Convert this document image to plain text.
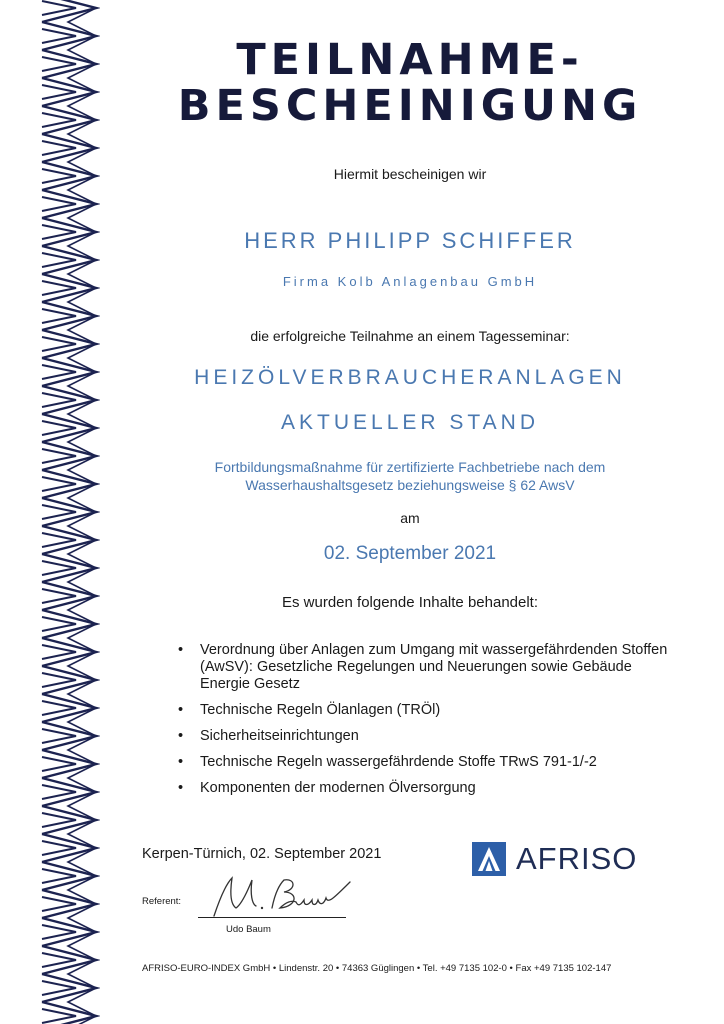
TEILNAHME-
BESCHEINIGUNG

Hiermit bescheinigen wir

HERR PHILIPP SCHIFFER

Firma Kolb Anlagenbau GmbH

die erfolgreiche Teilnahme an einem Tagesseminar:

HEIZÖLVERBRAUCHERANLAGEN

AKTUELLER STAND

Fortbildungsmaßnahme für zertifizierte Fachbetriebe nach dem
Wasserhaushaltsgesetz beziehungsweise § 62 AwsV

am

02. September 2021

Es wurden folgende Inhalte behandelt:

• Verordnung über Anlagen zum Umgang mit wassergefährdenden Stoffen (AwSV): Gesetzliche Regelungen und Neuerungen sowie Gebäude Energie Gesetz
• Technische Regeln Ölanlagen (TRÖl)
• Sicherheitseinrichtungen
• Technische Regeln wassergefährdende Stoffe TRwS 791-1/-2
• Komponenten der modernen Ölversorgung

Kerpen-Türnich, 02. September 2021	AFRISO

Referent:

Udo Baum

AFRISO-EURO-INDEX GmbH • Lindenstr. 20 • 74363 Güglingen • Tel. +49 7135 102-0 • Fax +49 7135 102-147
